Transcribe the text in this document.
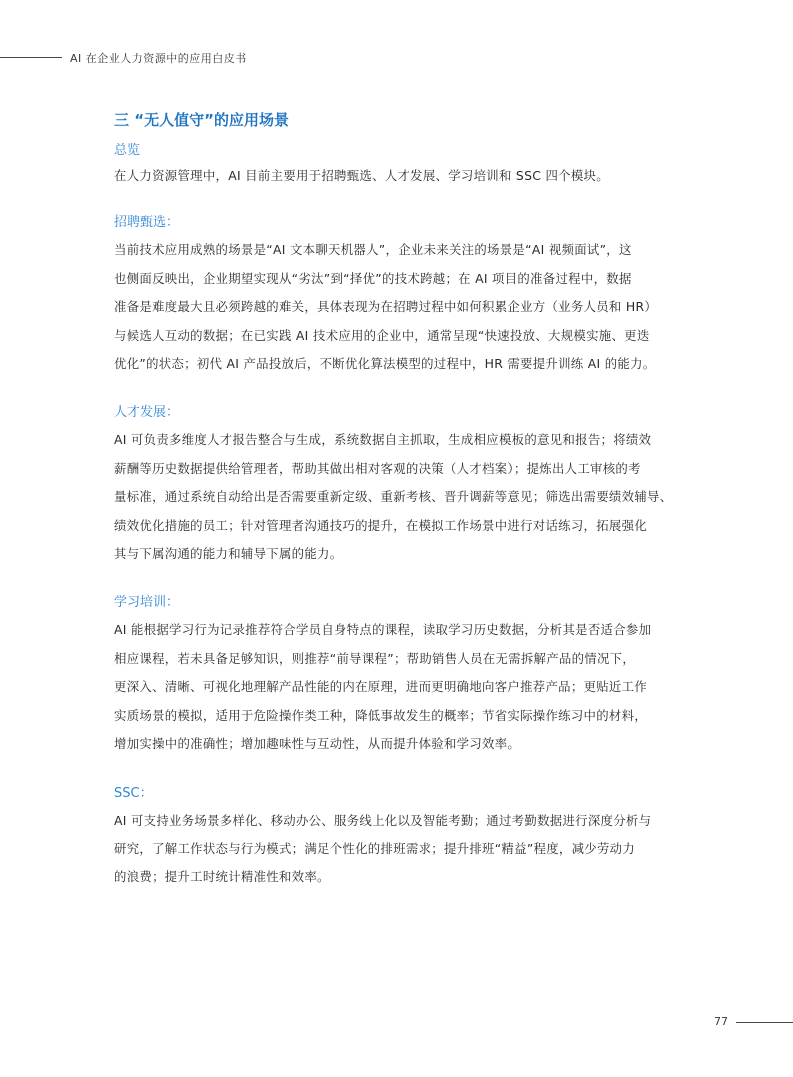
AI 在企业人力资源中的应用白皮书
三 “无人值守”的应用场景

总览

在人力资源管理中，AI 目前主要用于招聘甄选、人才发展、学习培训和 SSC 四个模块。

招聘甄选：

当前技术应用成熟的场景是“AI 文本聊天机器人”，企业未来关注的场景是“AI 视频面试”，这

也侧面反映出，企业期望实现从“劣汰”到“择优”的技术跨越；在 AI 项目的准备过程中，数据

准备是难度最大且必须跨越的难关，具体表现为在招聘过程中如何积累企业方（业务人员和 HR）

与候选人互动的数据；在已实践 AI 技术应用的企业中，通常呈现“快速投放、大规模实施、更迭

优化”的状态；初代 AI 产品投放后，不断优化算法模型的过程中，HR 需要提升训练 AI 的能力。

人才发展：

AI 可负责多维度人才报告整合与生成，系统数据自主抓取，生成相应模板的意见和报告；将绩效

薪酬等历史数据提供给管理者，帮助其做出相对客观的决策（人才档案）；提炼出人工审核的考

量标准，通过系统自动给出是否需要重新定级、重新考核、晋升调薪等意见；筛选出需要绩效辅导、

绩效优化措施的员工；针对管理者沟通技巧的提升，在模拟工作场景中进行对话练习，拓展强化

其与下属沟通的能力和辅导下属的能力。

学习培训：

AI 能根据学习行为记录推荐符合学员自身特点的课程，读取学习历史数据，分析其是否适合参加

相应课程，若未具备足够知识，则推荐“前导课程”；帮助销售人员在无需拆解产品的情况下，

更深入、清晰、可视化地理解产品性能的内在原理，进而更明确地向客户推荐产品；更贴近工作

实质场景的模拟，适用于危险操作类工种，降低事故发生的概率；节省实际操作练习中的材料，

增加实操中的准确性；增加趣味性与互动性，从而提升体验和学习效率。

SSC：

AI 可支持业务场景多样化、移动办公、服务线上化以及智能考勤；通过考勤数据进行深度分析与

研究，了解工作状态与行为模式；满足个性化的排班需求；提升排班“精益”程度，减少劳动力

的浪费；提升工时统计精准性和效率。

77
